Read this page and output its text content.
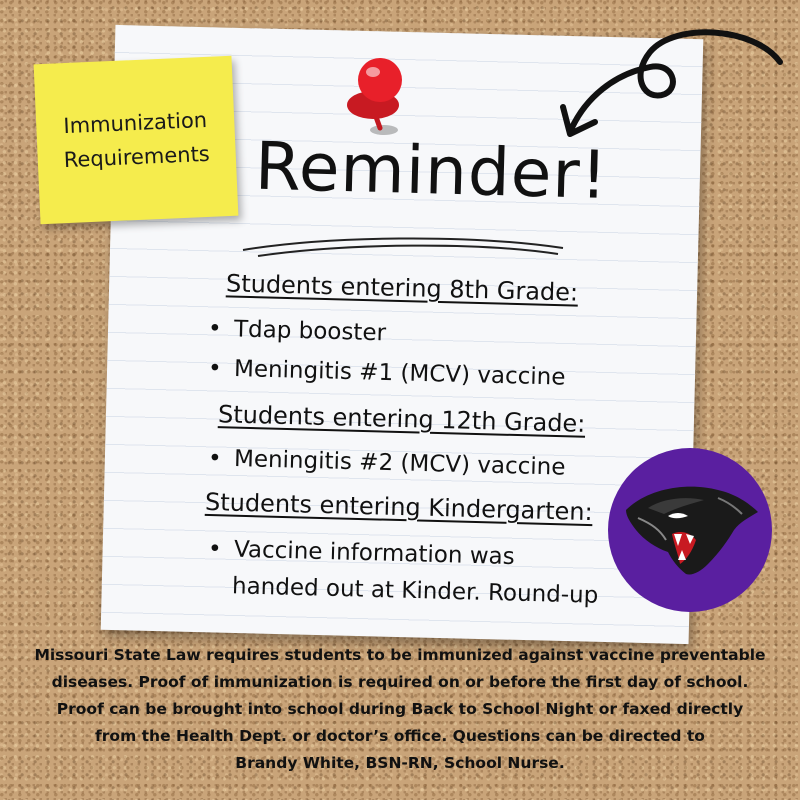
Immunization
Requirements Reminder!
Students entering 8th Grade:
• Tdap booster
• Meningitis #1 (MCV) vaccine
Students entering 12th Grade:
• Meningitis #2 (MCV) vaccine
Students entering Kindergarten:
• Vaccine information was
handed out at Kinder. Round-up
Missouri State Law requires students to be immunized against vaccine preventable
diseases. Proof of immunization is required on or before the first day of school.
Proof can be brought into school during Back to School Night or faxed directly
from the Health Dept. or doctor’s office. Questions can be directed to
Brandy White, BSN-RN, School Nurse.
